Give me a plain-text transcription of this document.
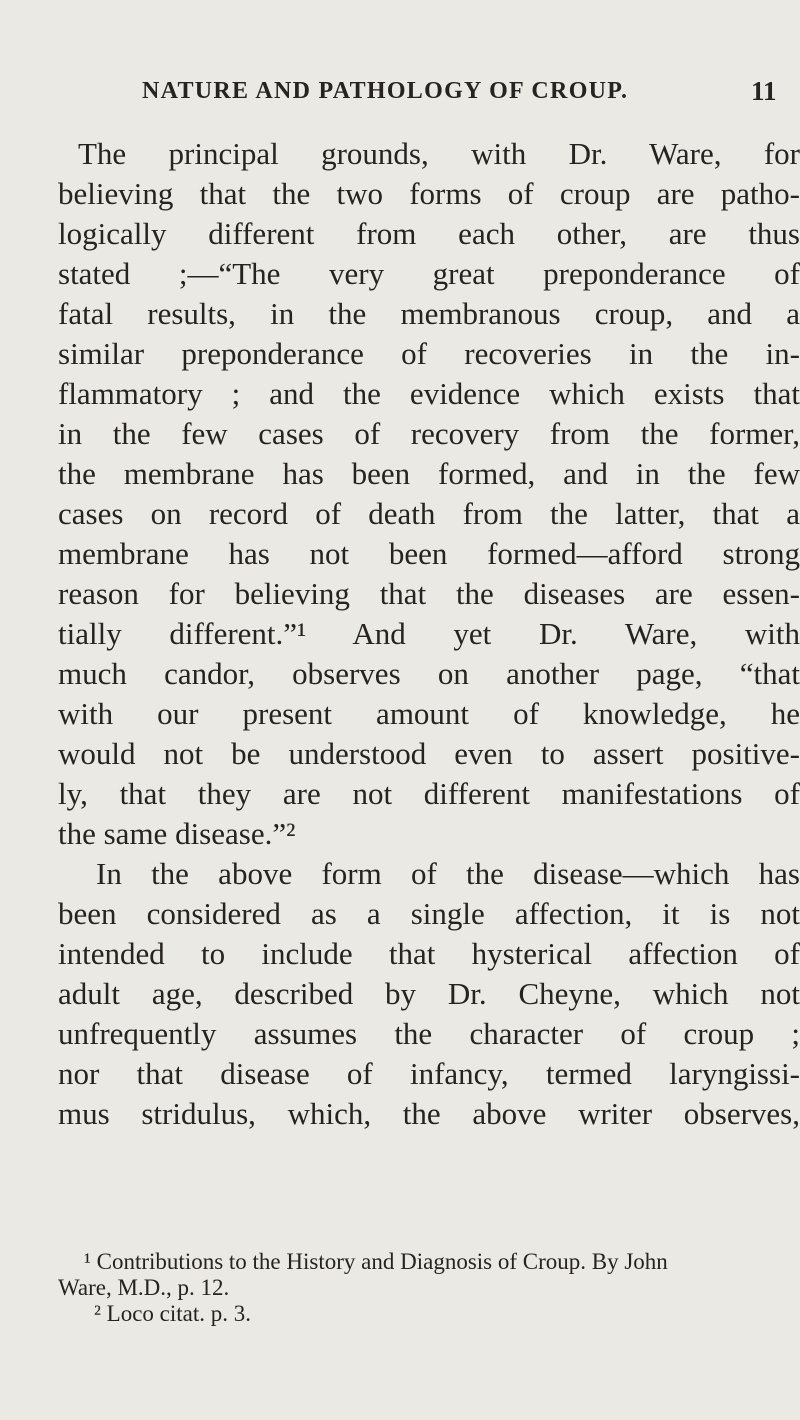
NATURE AND PATHOLOGY OF CROUP.	11
The principal grounds, with Dr. Ware, for
believing that the two forms of croup are patho-
logically different from each other, are thus
stated ;—“The very great preponderance of
fatal results, in the membranous croup, and a
similar preponderance of recoveries in the in-
flammatory ; and the evidence which exists that
in the few cases of recovery from the former,
the membrane has been formed, and in the few
cases on record of death from the latter, that a
membrane has not been formed—afford strong
reason for believing that the diseases are essen-
tially different.”¹ And yet Dr. Ware, with
much candor, observes on another page, “that
with our present amount of knowledge, he
would not be understood even to assert positive-
ly, that they are not different manifestations of
the same disease.”²
In the above form of the disease—which has
been considered as a single affection, it is not
intended to include that hysterical affection of
adult age, described by Dr. Cheyne, which not
unfrequently assumes the character of croup ;
nor that disease of infancy, termed laryngissi-
mus stridulus, which, the above writer observes,
¹ Contributions to the History and Diagnosis of Croup. By John
Ware, M.D., p. 12.
² Loco citat. p. 3.
